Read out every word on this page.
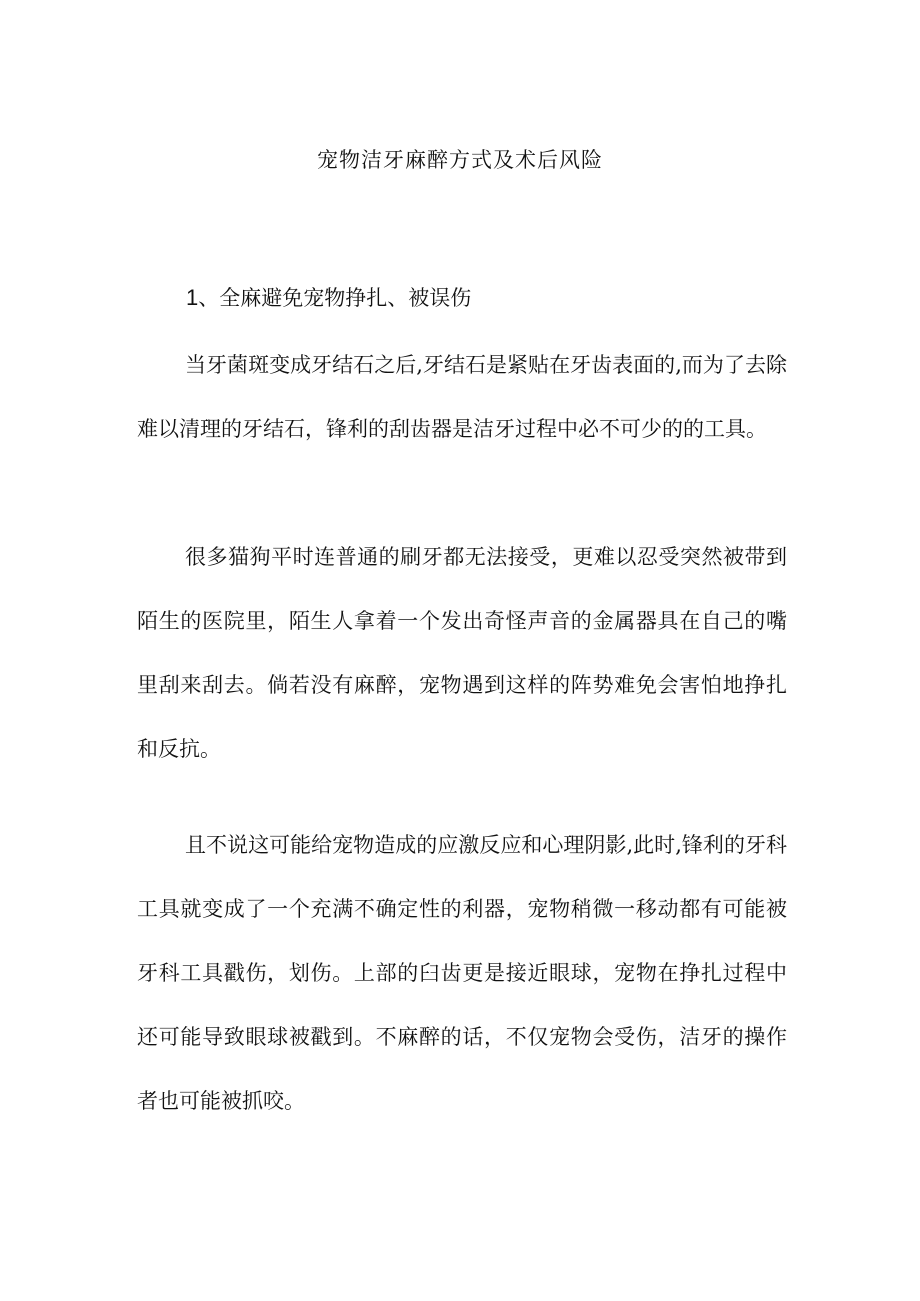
宠物洁牙麻醉方式及术后风险
1、全麻避免宠物挣扎、被误伤

当牙菌斑变成牙结石之后,牙结石是紧贴在牙齿表面的,而为了去除难以清理的牙结石，锋利的刮齿器是洁牙过程中必不可少的的工具。

很多猫狗平时连普通的刷牙都无法接受，更难以忍受突然被带到陌生的医院里，陌生人拿着一个发出奇怪声音的金属器具在自己的嘴里刮来刮去。倘若没有麻醉，宠物遇到这样的阵势难免会害怕地挣扎和反抗。

且不说这可能给宠物造成的应激反应和心理阴影,此时,锋利的牙科工具就变成了一个充满不确定性的利器，宠物稍微一移动都有可能被牙科工具戳伤，划伤。上部的臼齿更是接近眼球，宠物在挣扎过程中还可能导致眼球被戳到。不麻醉的话，不仅宠物会受伤，洁牙的操作者也可能被抓咬。
